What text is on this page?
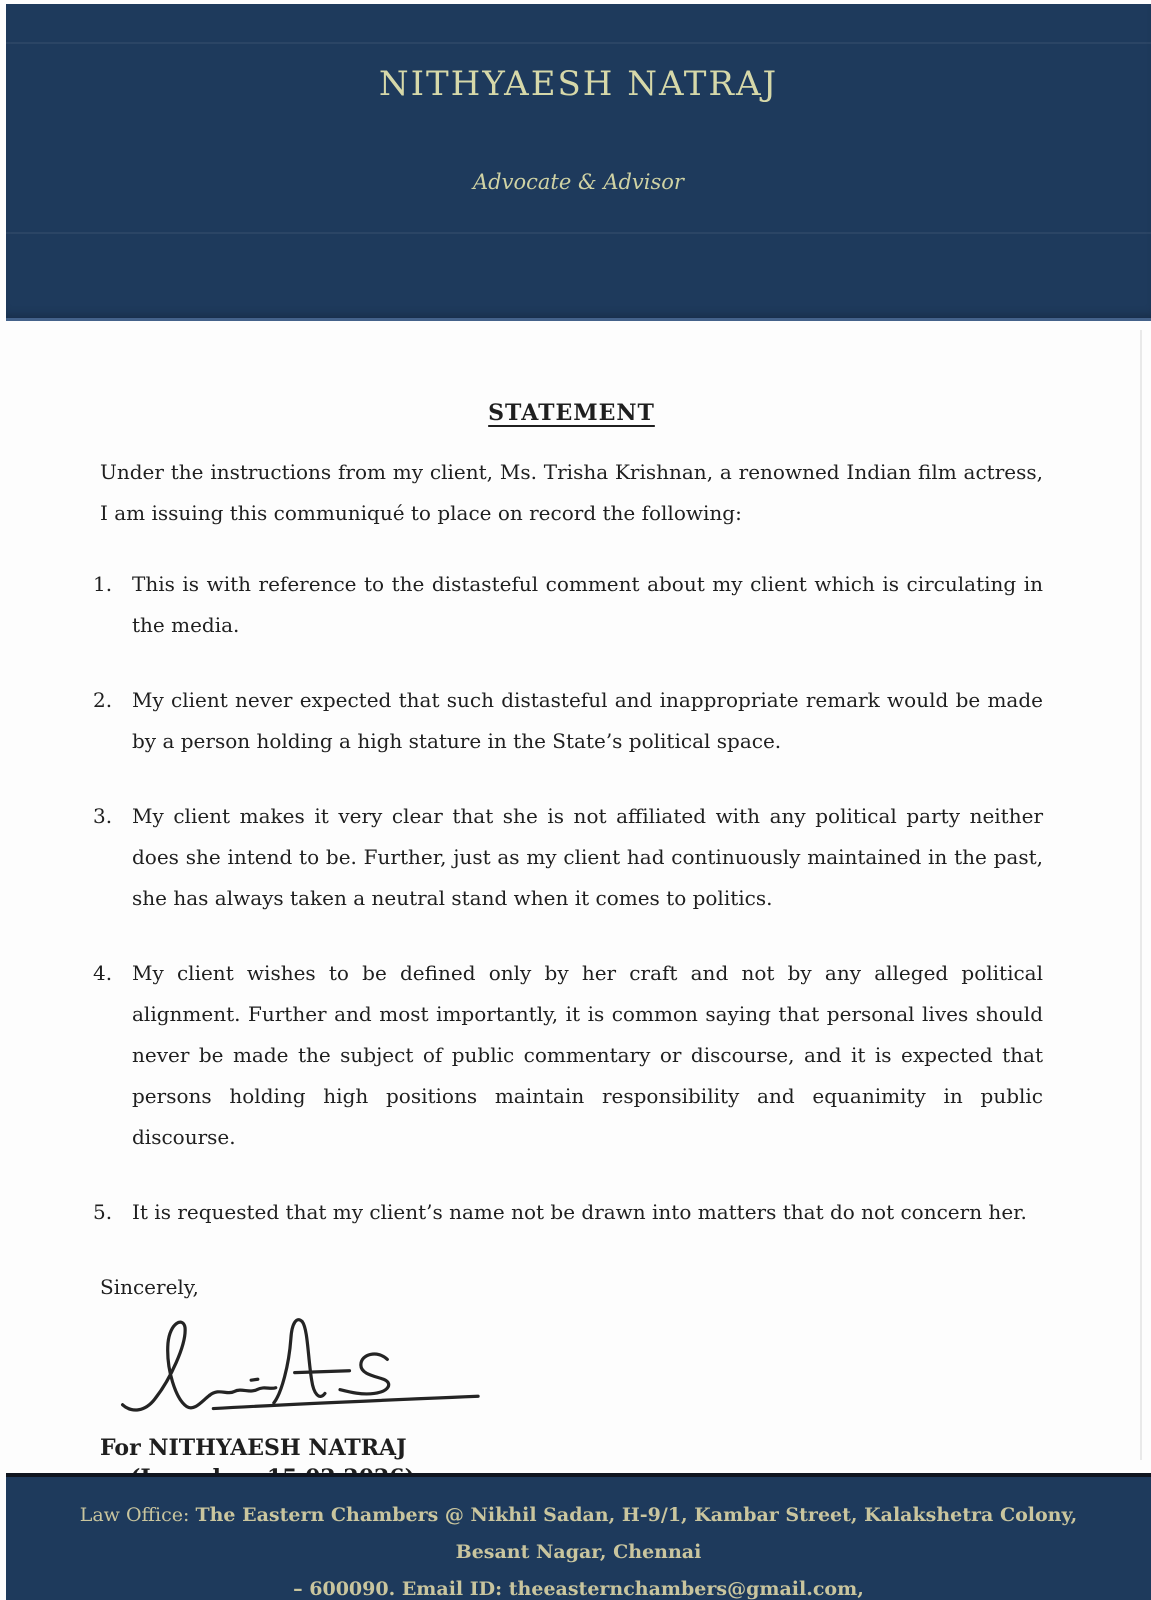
NITHYAESH NATRAJ
Advocate & Advisor
STATEMENT

Under the instructions from my client, Ms. Trisha Krishnan, a renowned Indian film actress, I am issuing this communiqué to place on record the following:

1. This is with reference to the distasteful comment about my client which is circulating in the media.
2. My client never expected that such distasteful and inappropriate remark would be made by a person holding a high stature in the State’s political space.
3. My client makes it very clear that she is not affiliated with any political party neither does she intend to be. Further, just as my client had continuously maintained in the past, she has always taken a neutral stand when it comes to politics.
4. My client wishes to be defined only by her craft and not by any alleged political alignment. Further and most importantly, it is common saying that personal lives should never be made the subject of public commentary or discourse, and it is expected that persons holding high positions maintain responsibility and equanimity in public discourse.
5. It is requested that my client’s name not be drawn into matters that do not concern her.

Sincerely,

For NITHYAESH NATRAJ

Law Office: The Eastern Chambers @ Nikhil Sadan, H-9/1, Kambar Street, Kalakshetra Colony, Besant Nagar, Chennai
– 600090. Email ID: theeasternchambers@gmail.com,
